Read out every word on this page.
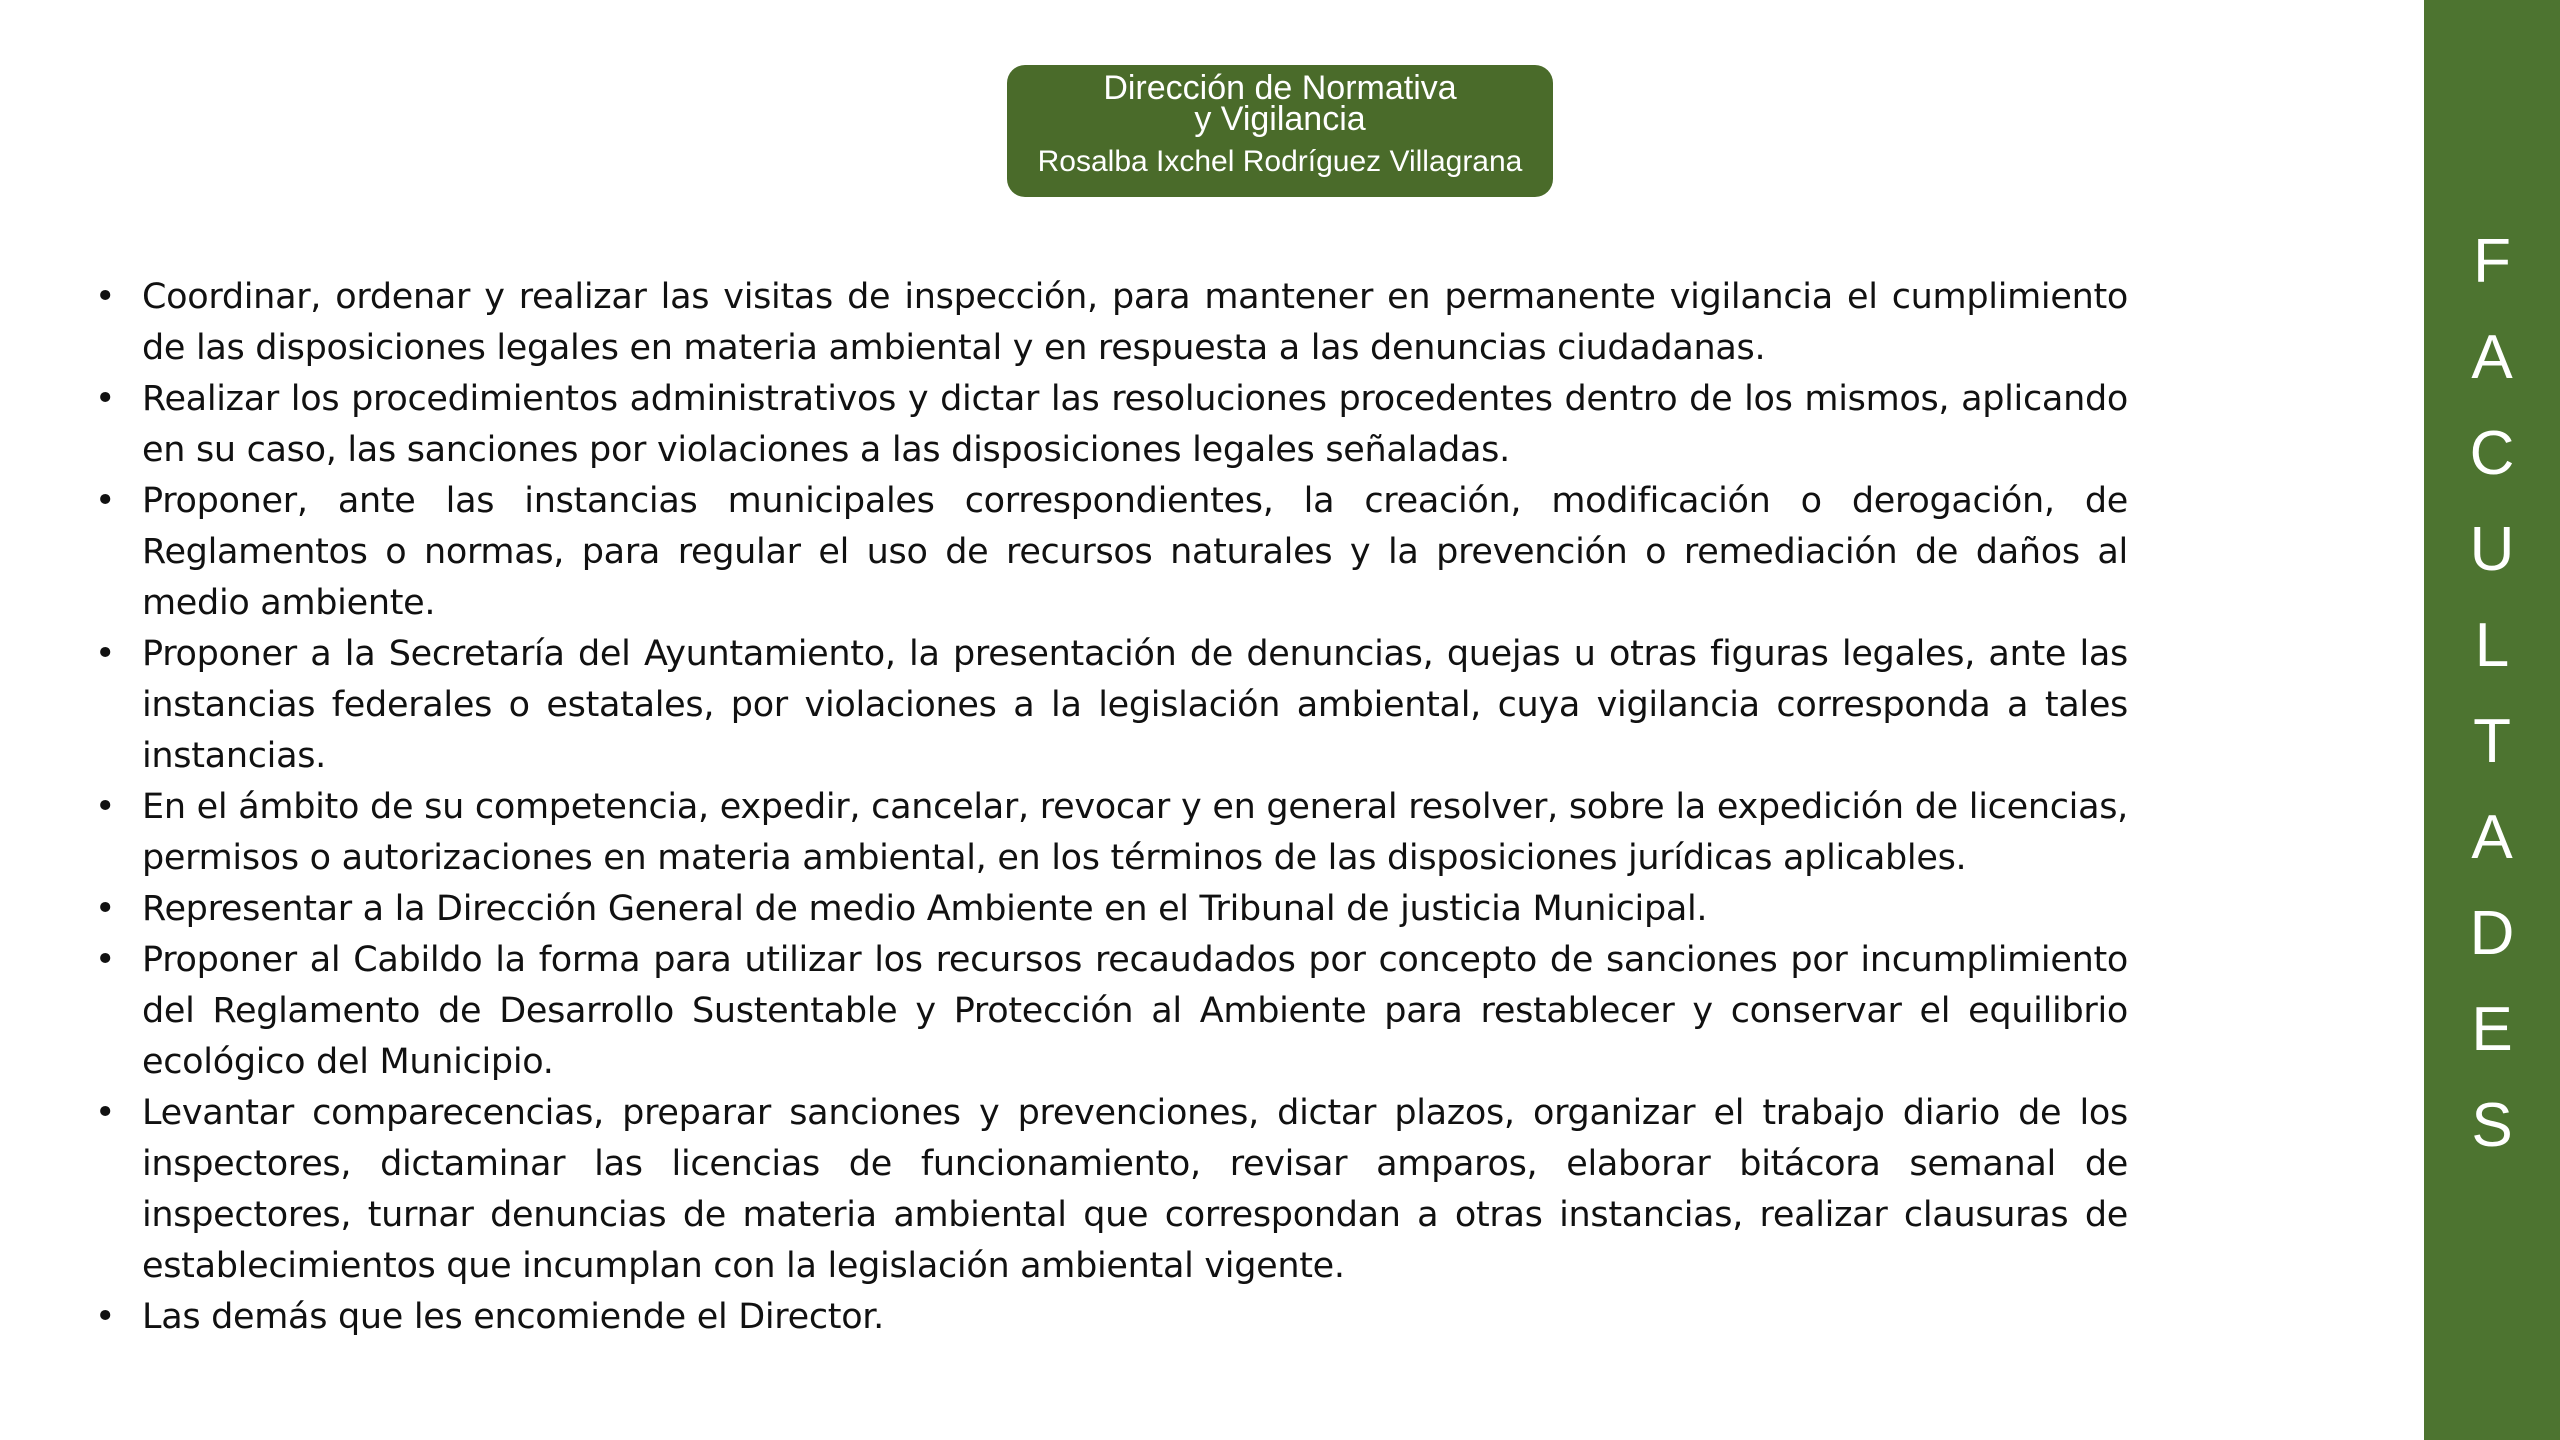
Dirección de Normativa
y Vigilancia
Rosalba Ixchel Rodríguez Villagrana
• Coordinar, ordenar y realizar las visitas de inspección, para mantener en permanente vigilancia el cumplimiento de las disposiciones legales en materia ambiental y en respuesta a las denuncias ciudadanas.
• Realizar los procedimientos administrativos y dictar las resoluciones procedentes dentro de los mismos, aplicando en su caso, las sanciones por violaciones a las disposiciones legales señaladas.
• Proponer, ante las instancias municipales correspondientes, la creación, modificación o derogación, de Reglamentos o normas, para regular el uso de recursos naturales y la prevención o remediación de daños al medio ambiente.
• Proponer a la Secretaría del Ayuntamiento, la presentación de denuncias, quejas u otras figuras legales, ante las instancias federales o estatales, por violaciones a la legislación ambiental, cuya vigilancia corresponda a tales instancias.
• En el ámbito de su competencia, expedir, cancelar, revocar y en general resolver, sobre la expedición de licencias, permisos o autorizaciones en materia ambiental, en los términos de las disposiciones jurídicas aplicables.
• Representar a la Dirección General de medio Ambiente en el Tribunal de justicia Municipal.
• Proponer al Cabildo la forma para utilizar los recursos recaudados por concepto de sanciones por incumplimiento del Reglamento de Desarrollo Sustentable y Protección al Ambiente para restablecer y conservar el equilibrio ecológico del Municipio.
• Levantar comparecencias, preparar sanciones y prevenciones, dictar plazos, organizar el trabajo diario de los inspectores, dictaminar las licencias de funcionamiento, revisar amparos, elaborar bitácora semanal de inspectores, turnar denuncias de materia ambiental que correspondan a otras instancias, realizar clausuras de establecimientos que incumplan con la legislación ambiental vigente.
• Las demás que les encomiende el Director.
F
A
C
U
L
T
A
D
E
S
